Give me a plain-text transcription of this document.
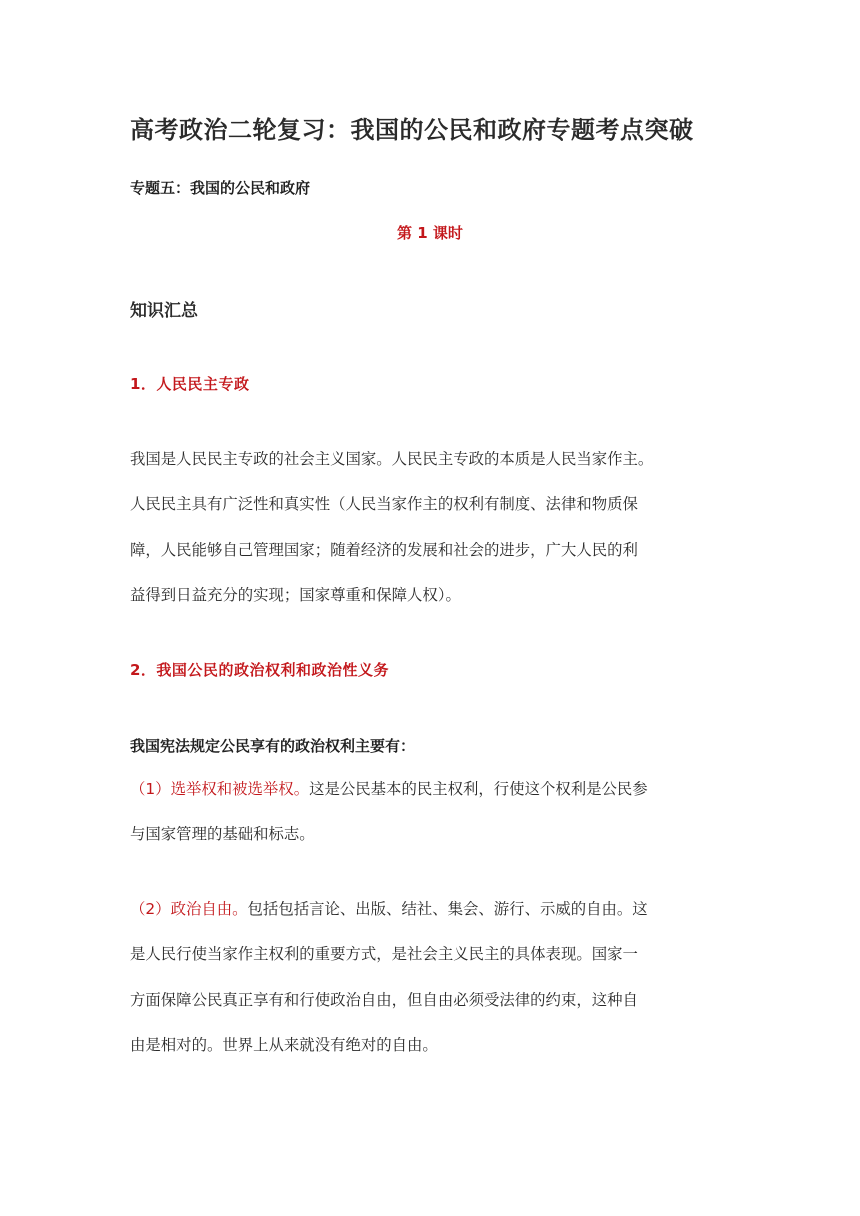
高考政治二轮复习：我国的公民和政府专题考点突破

专题五：我国的公民和政府

第 1 课时

知识汇总

1．人民民主专政

我国是人民民主专政的社会主义国家。人民民主专政的本质是人民当家作主。
人民民主具有广泛性和真实性（人民当家作主的权利有制度、法律和物质保
障，人民能够自己管理国家；随着经济的发展和社会的进步，广大人民的利
益得到日益充分的实现；国家尊重和保障人权）。

2．我国公民的政治权利和政治性义务

我国宪法规定公民享有的政治权利主要有：

（1）选举权和被选举权。这是公民基本的民主权利，行使这个权利是公民参
与国家管理的基础和标志。
（2）政治自由。包括包括言论、出版、结社、集会、游行、示威的自由。这
是人民行使当家作主权利的重要方式，是社会主义民主的具体表现。国家一
方面保障公民真正享有和行使政治自由，但自由必须受法律的约束，这种自
由是相对的。世界上从来就没有绝对的自由。
